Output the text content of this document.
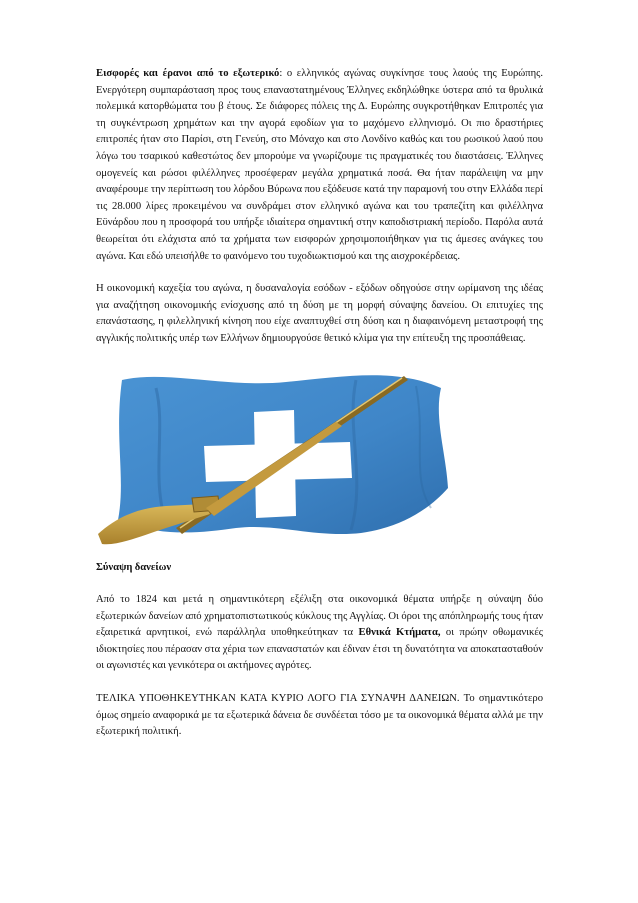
Εισφορές και έρανοι από το εξωτερικό: ο ελληνικός αγώνας συγκίνησε τους λαούς της Ευρώπης. Ενεργότερη συμπαράσταση προς τους επαναστατημένους Έλληνες εκδηλώθηκε ύστερα από τα θρυλικά πολεμικά κατορθώματα του β έτους. Σε διάφορες πόλεις της Δ. Ευρώπης συγκροτήθηκαν Επιτροπές για τη συγκέντρωση χρημάτων και την αγορά εφοδίων για το μαχόμενο ελληνισμό. Οι πιο δραστήριες επιτροπές ήταν στο Παρίσι, στη Γενεύη, στο Μόναχο και στο Λονδίνο καθώς και του ρωσικού λαού που λόγω του τσαρικού καθεστώτος δεν μπορούμε να γνωρίζουμε τις πραγματικές του διαστάσεις. Έλληνες ομογενείς και ρώσοι φιλέλληνες προσέφεραν μεγάλα χρηματικά ποσά. Θα ήταν παράλειψη να μην αναφέρουμε την περίπτωση του λόρδου Βύρωνα που εξόδευσε κατά την παραμονή του στην Ελλάδα περί τις 28.000 λίρες προκειμένου να συνδράμει στον ελληνικό αγώνα και του τραπεζίτη και φιλέλληνα Εϋνάρδου που η προσφορά του υπήρξε ιδιαίτερα σημαντική στην καποδιστριακή περίοδο. Παρόλα αυτά θεωρείται ότι ελάχιστα από τα χρήματα των εισφορών χρησιμοποιήθηκαν για τις άμεσες ανάγκες του αγώνα. Και εδώ υπεισήλθε το φαινόμενο του τυχοδιωκτισμού και της αισχροκέρδειας.

Η οικονομική καχεξία του αγώνα, η δυσαναλογία εσόδων - εξόδων οδηγούσε στην ωρίμανση της ιδέας για αναζήτηση οικονομικής ενίσχυσης από τη δύση με τη μορφή σύναψης δανείου. Οι επιτυχίες της επανάστασης, η φιλελληνική κίνηση που είχε αναπτυχθεί στη δύση και η διαφαινόμενη μεταστροφή της αγγλικής πολιτικής υπέρ των Ελλήνων δημιουργούσε θετικό κλίμα για την επίτευξη της προσπάθειας.

Σύναψη δανείων

Από το 1824 και μετά η σημαντικότερη εξέλιξη στα οικονομικά θέματα υπήρξε η σύναψη δύο εξωτερικών δανείων από χρηματοπιστωτικούς κύκλους της Αγγλίας. Οι όροι της απόπληρωμής τους ήταν εξαιρετικά αρνητικοί, ενώ παράλληλα υποθηκεύτηκαν τα Εθνικά Κτήματα, οι πρώην οθωμανικές ιδιοκτησίες που πέρασαν στα χέρια των επαναστατών και έδιναν έτσι τη δυνατότητα να αποκατασταθούν οι αγωνιστές και γενικότερα οι ακτήμονες αγρότες.

ΤΕΛΙΚΑ ΥΠΟΘΗΚΕΥΤΗΚΑΝ ΚΑΤΑ ΚΥΡΙΟ ΛΟΓΟ ΓΙΑ ΣΥΝΑΨΗ ΔΑΝΕΙΩΝ. Το σημαντικότερο όμως σημείο αναφορικά με τα εξωτερικά δάνεια δε συνδέεται τόσο με τα οικονομικά θέματα αλλά με την εξωτερική πολιτική.
